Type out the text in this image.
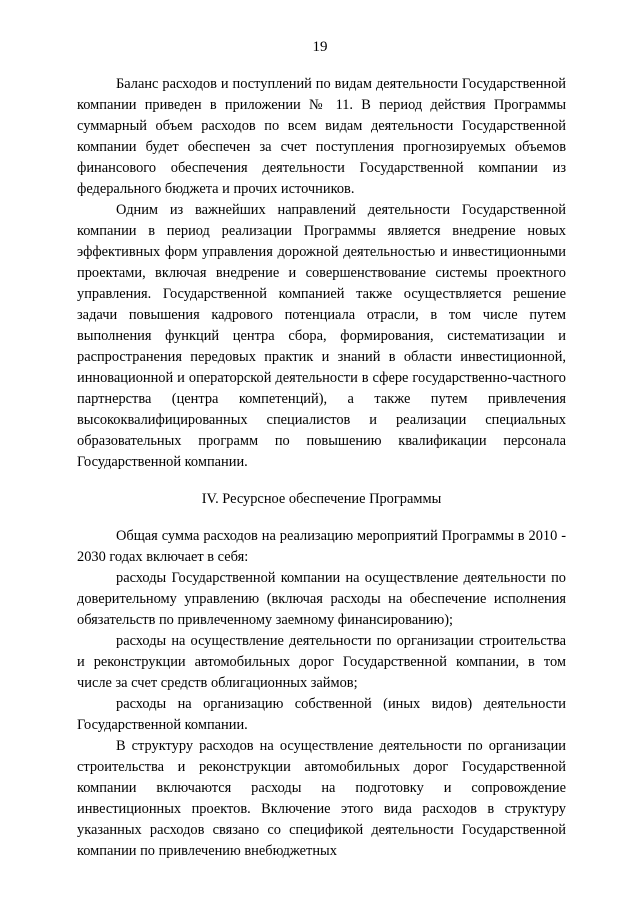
19

Баланс расходов и поступлений по видам деятельноcти Государственной компании приведен в приложении № 11. В период действия Программы суммарный объем расходов по всем видам деятельности Государственной компании будет обеспечен за счет поступления прогнозируемых объемов финансового обеспечения деятельности Государственной компании из федерального бюджета и прочих источников.

Одним из важнейших направлений деятельности Государственной компании в период реализации Программы является внедрение новых эффективных форм управления дорожной деятельностью и инвестиционными проектами, включая внедрение и совершенствование системы проектного управления. Государственной компанией также осуществляется решение задачи повышения кадрового потенциала отрасли, в том числе путем выполнения функций центра сбора, формирования, систематизации и распространения передовых практик и знаний в области инвестиционной, инновационной и операторской деятельности в сфере государственно-частного партнерства (центра компетенций), а также путем привлечения высококвалифицированных специалистов и реализации специальных образовательных программ по повышению квалификации персонала Государственной компании.

IV. Ресурсное обеспечение Программы

Общая сумма расходов на реализацию мероприятий Программы в 2010 - 2030 годах включает в себя:

расходы Государственной компании на осуществление деятельности по доверительному управлению (включая расходы на обеспечение исполнения обязательств по привлеченному заемному финансированию);

расходы на осуществление деятельности по организации строительства и реконструкции автомобильных дорог Государственной компании, в том числе за счет средств облигационных займов;

расходы на организацию собственной (иных видов) деятельности Государственной компании.

В структуру расходов на осуществление деятельности по организации строительства и реконструкции автомобильных дорог Государственной компании включаются расходы на подготовку и сопровождение инвестиционных проектов. Включение этого вида расходов в структуру указанных расходов связано со спецификой деятельности Государственной компании по привлечению внебюджетных
